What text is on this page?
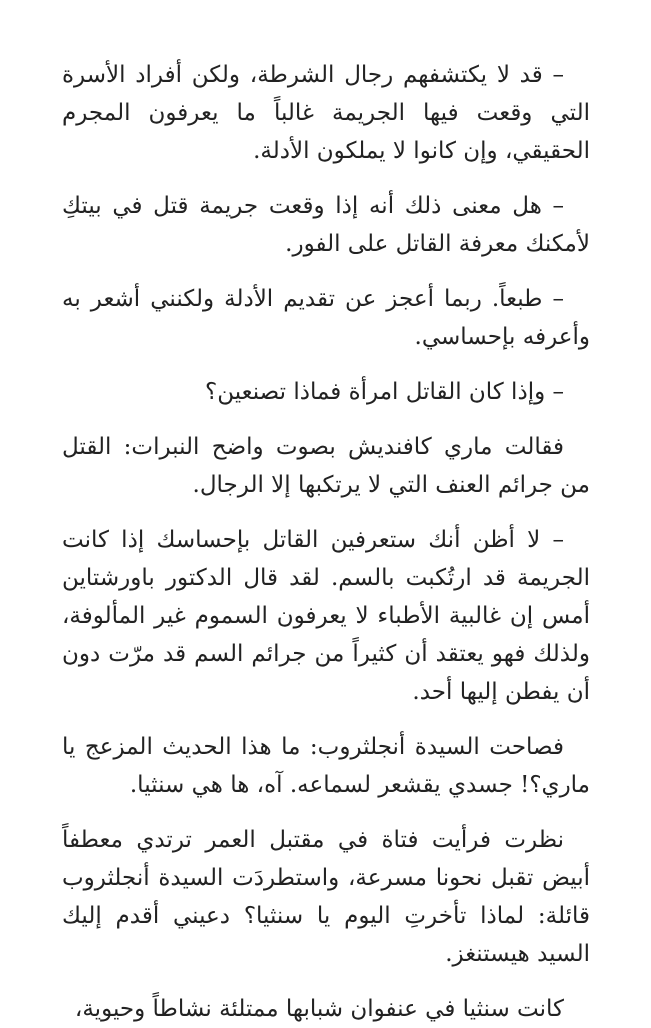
– قد لا يكتشفهم رجال الشرطة، ولكن أفراد الأسرة التي وقعت فيها الجريمة غالباً ما يعرفون المجرم الحقيقي، وإن كانوا لا يملكون الأدلة.

– هل معنى ذلك أنه إذا وقعت جريمة قتل في بيتكِ لأمكنك معرفة القاتل على الفور.

– طبعاً. ربما أعجز عن تقديم الأدلة ولكنني أشعر به وأعرفه بإحساسي.

– وإذا كان القاتل امرأة فماذا تصنعين؟

فقالت ماري كافنديش بصوت واضح النبرات: القتل من جرائم العنف التي لا يرتكبها إلا الرجال.

– لا أظن أنك ستعرفين القاتل بإحساسك إذا كانت الجريمة قد ارتُكبت بالسم. لقد قال الدكتور باورشتاين أمس إن غالبية الأطباء لا يعرفون السموم غير المألوفة، ولذلك فهو يعتقد أن كثيراً من جرائم السم قد مرّت دون أن يفطن إليها أحد.

فصاحت السيدة أنجلثروب: ما هذا الحديث المزعج يا ماري؟! جسدي يقشعر لسماعه. آه، ها هي سنثيا.

نظرت فرأيت فتاة في مقتبل العمر ترتدي معطفاً أبيض تقبل نحونا مسرعة، واستطردَت السيدة أنجلثروب قائلة: لماذا تأخرتِ اليوم يا سنثيا؟ دعيني أقدم إليك السيد هيستنغز.

كانت سنثيا في عنفوان شبابها ممتلئة نشاطاً وحيوية،
